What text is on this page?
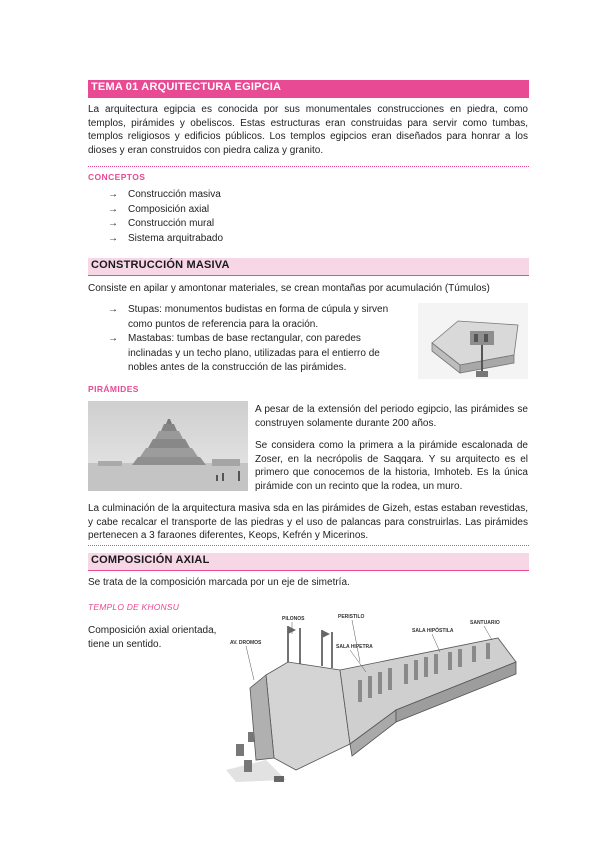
TEMA 01 ARQUITECTURA EGIPCIA
La arquitectura egipcia es conocida por sus monumentales construcciones en piedra, como templos, pirámides y obeliscos. Estas estructuras eran construidas para servir como tumbas, templos religiosos y edificios públicos. Los templos egipcios eran diseñados para honrar a los dioses y eran construidos con piedra caliza y granito.
CONCEPTOS
→ Construcción masiva
→ Composición axial
→ Construcción mural
→ Sistema arquitrabado
CONSTRUCCIÓN MASIVA
Consiste en apilar y amontonar materiales, se crean montañas por acumulación (Túmulos)
→ Stupas: monumentos budistas en forma de cúpula y sirven como puntos de referencia para la oración.
→ Mastabas: tumbas de base rectangular, con paredes inclinadas y un techo plano, utilizadas para el entierro de nobles antes de la construcción de las pirámides.
PIRÁMIDES
A pesar de la extensión del periodo egipcio, las pirámides se construyen solamente durante 200 años.
Se considera como la primera a la pirámide escalonada de Zoser, en la necrópolis de Saqqara. Y su arquitecto es el primero que conocemos de la historia, Imhoteb. Es la única pirámide con un recinto que la rodea, un muro.
La culminación de la arquitectura masiva sda en las pirámides de Gizeh, estas estaban revestidas, y cabe recalcar el transporte de las piedras y el uso de palancas para construirlas. Las pirámides pertenecen a 3 faraones diferentes, Keops, Kefrén y Micerinos.
COMPOSICIÓN AXIAL
Se trata de la composición marcada por un eje de simetría.
TEMPLO DE KHONSU
Composición axial orientada, tiene un sentido.	AV. DROMOS
PILONOS	PERISTILO
SALA HIPETRA
SALA HIPÓSTILA
SANTUARIO
